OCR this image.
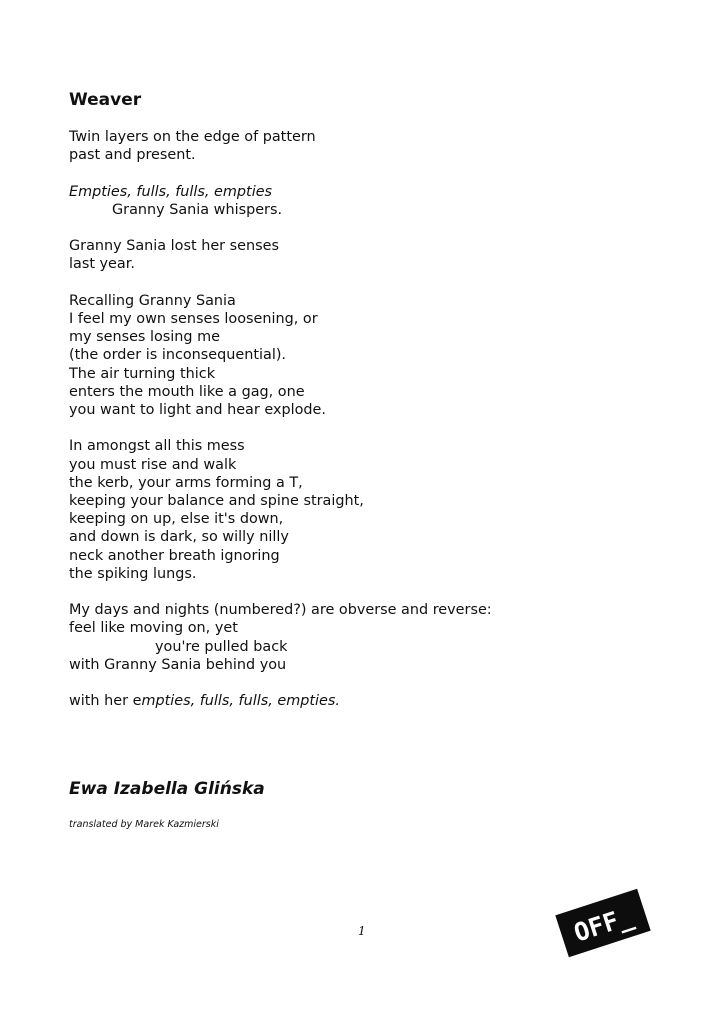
Weaver
Twin layers on the edge of pattern
past and present.
Empties, fulls, fulls, empties
Granny Sania whispers.
Granny Sania lost her senses
last year.
Recalling Granny Sania
I feel my own senses loosening, or
my senses losing me
(the order is inconsequential).
The air turning thick
enters the mouth like a gag, one
you want to light and hear explode.
In amongst all this mess
you must rise and walk
the kerb, your arms forming a T,
keeping your balance and spine straight,
keeping on up, else it's down,
and down is dark, so willy nilly
neck another breath ignoring
the spiking lungs.
My days and nights (numbered?) are obverse and reverse:
feel like moving on, yet
you're pulled back
with Granny Sania behind you
with her empties, fulls, fulls, empties.
Ewa Izabella Glińska
translated by Marek Kazmierski
1	OFF_
